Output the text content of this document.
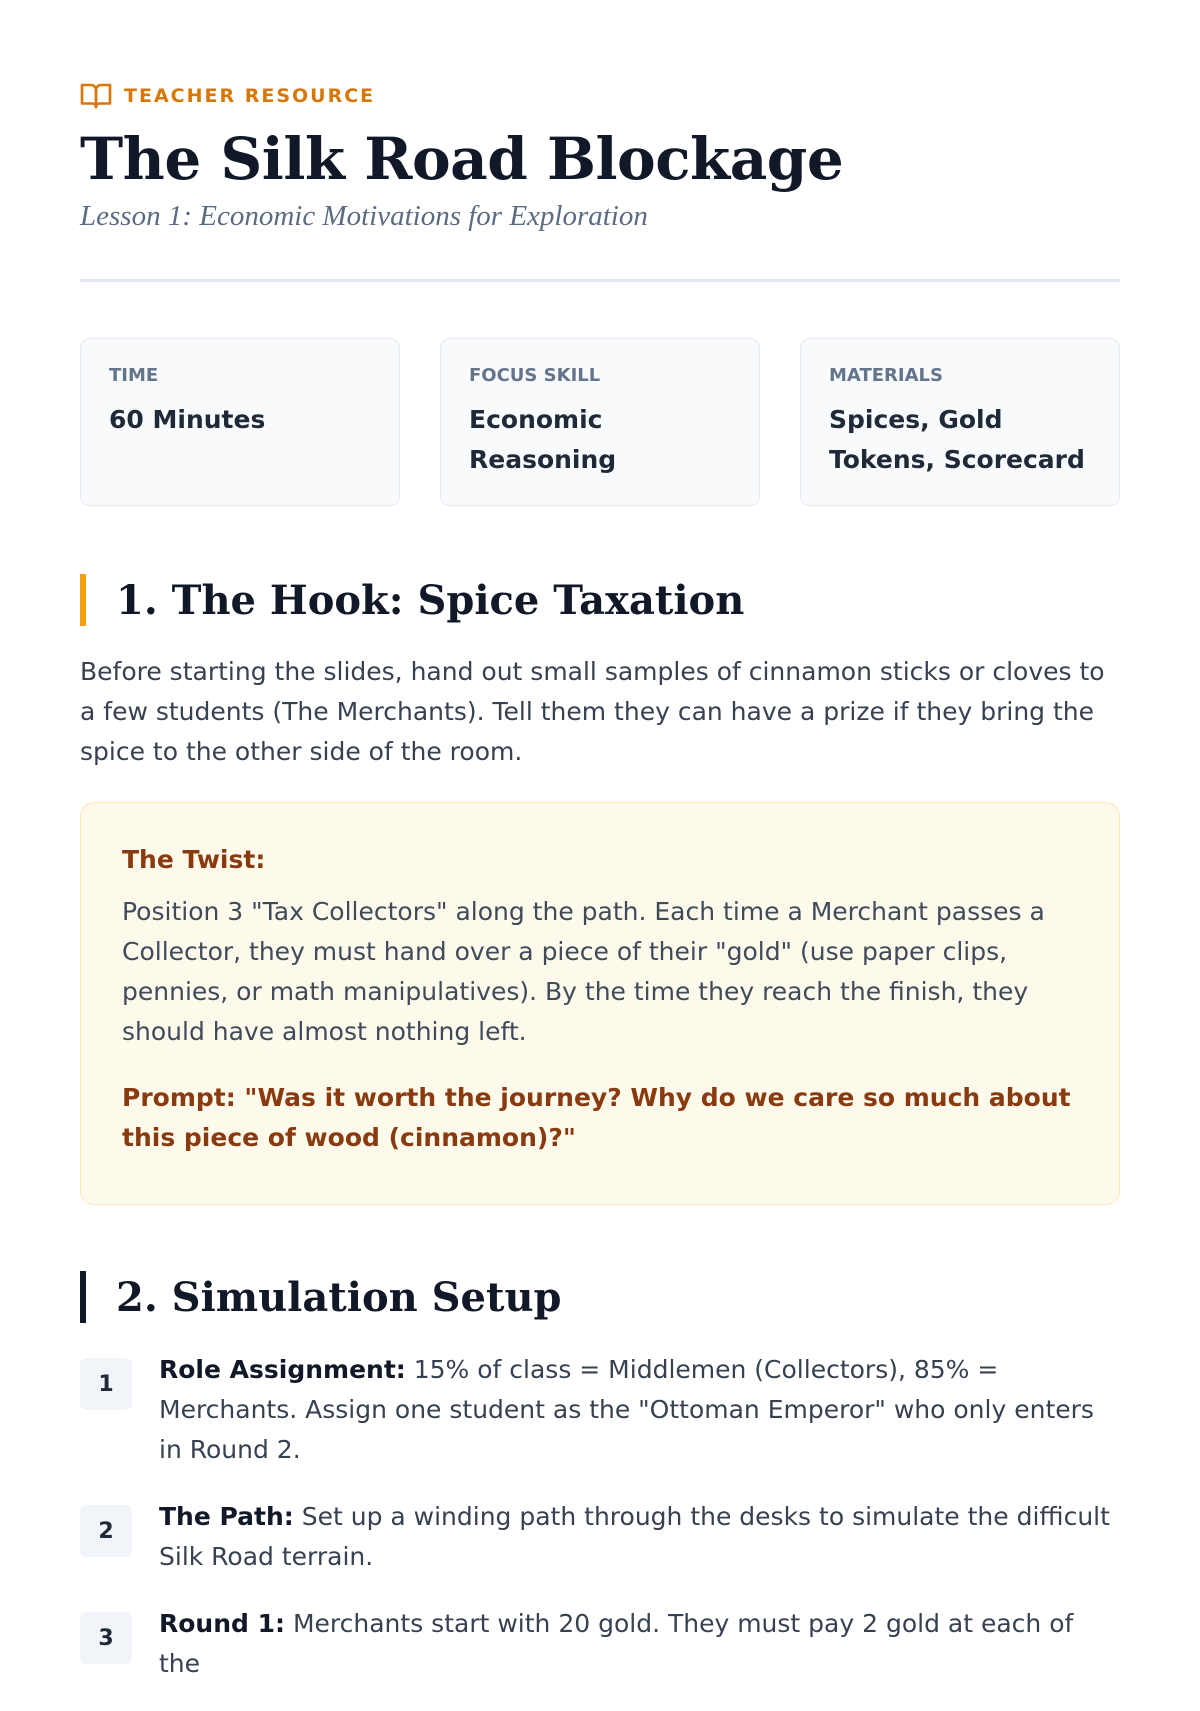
TEACHER RESOURCE
The Silk Road Blockage

Lesson 1: Economic Motivations for Exploration

TIME
60 Minutes
FOCUS SKILL
Economic Reasoning
MATERIALS
Spices, Gold Tokens, Scorecard
1. The Hook: Spice Taxation

Before starting the slides, hand out small samples of cinnamon sticks or cloves to a few students (The Merchants). Tell them they can have a prize if they bring the spice to the other side of the room.

The Twist:

Position 3 "Tax Collectors" along the path. Each time a Merchant passes a Collector, they must hand over a piece of their "gold" (use paper clips, pennies, or math manipulatives). By the time they reach the finish, they should have almost nothing left.

Prompt: "Was it worth the journey? Why do we care so much about this piece of wood (cinnamon)?"

2. Simulation Setup
1	Role Assignment: 15% of class = Middlemen (Collectors), 85% = Merchants. Assign one student as the "Ottoman Emperor" who only enters in Round 2.

2	The Path: Set up a winding path through the desks to simulate the difficult Silk Road terrain.

3	Round 1: Merchants start with 20 gold. They must pay 2 gold at each of the
